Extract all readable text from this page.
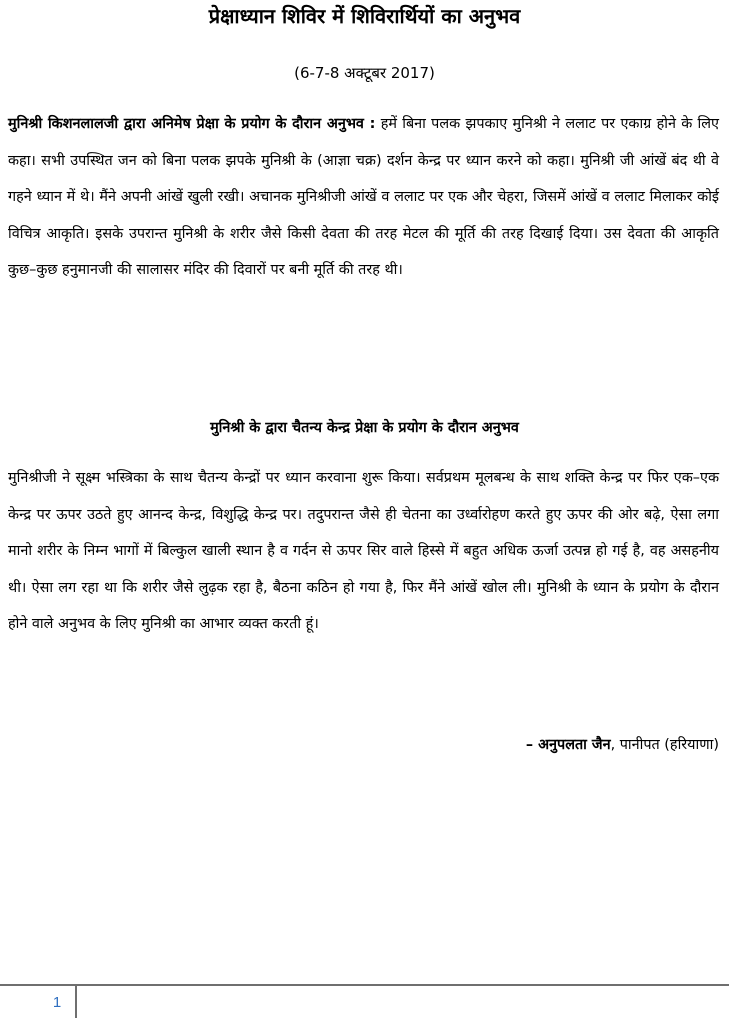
प्रेक्षाध्यान शिविर में शिविरार्थियों का अनुभव
(6-7-8 अक्टूबर 2017)

मुनिश्री किशनलालजी द्वारा अनिमेष प्रेक्षा के प्रयोग के दौरान अनुभव : हमें बिना पलक झपकाए मुनिश्री ने ललाट पर एकाग्र होने के लिए कहा। सभी उपस्थित जन को बिना पलक झपके मुनिश्री के (आज्ञा चक्र) दर्शन केन्द्र पर ध्यान करने को कहा। मुनिश्री जी आंखें बंद थी वे गहने ध्यान में थे। मैंने अपनी आंखें खुली रखी। अचानक मुनिश्रीजी आंखें व ललाट पर एक और चेहरा, जिसमें आंखें व ललाट मिलाकर कोई विचित्र आकृति। इसके उपरान्त मुनिश्री के शरीर जैसे किसी देवता की तरह मेटल की मूर्ति की तरह दिखाई दिया। उस देवता की आकृति कुछ–कुछ हनुमानजी की सालासर मंदिर की दिवारों पर बनी मूर्ति की तरह थी।

मुनिश्री के द्वारा चैतन्य केन्द्र प्रेक्षा के प्रयोग के दौरान अनुभव

मुनिश्रीजी ने सूक्ष्म भस्त्रिका के साथ चैतन्य केन्द्रों पर ध्यान करवाना शुरू किया। सर्वप्रथम मूलबन्ध के साथ शक्ति केन्द्र पर फिर एक–एक केन्द्र पर ऊपर उठते हुए आनन्द केन्द्र, विशुद्धि केन्द्र पर। तदुपरान्त जैसे ही चेतना का उर्ध्वारोहण करते हुए ऊपर की ओर बढ़े, ऐसा लगा मानो शरीर के निम्न भागों में बिल्कुल खाली स्थान है व गर्दन से ऊपर सिर वाले हिस्से में बहुत अधिक ऊर्जा उत्पन्न हो गई है, वह असहनीय थी। ऐसा लग रहा था कि शरीर जैसे लुढ़क रहा है, बैठना कठिन हो गया है, फिर मैंने आंखें खोल ली। मुनिश्री के ध्यान के प्रयोग के दौरान होने वाले अनुभव के लिए मुनिश्री का आभार व्यक्त करती हूं।

– अनुपलता जैन, पानीपत (हरियाणा)
1
